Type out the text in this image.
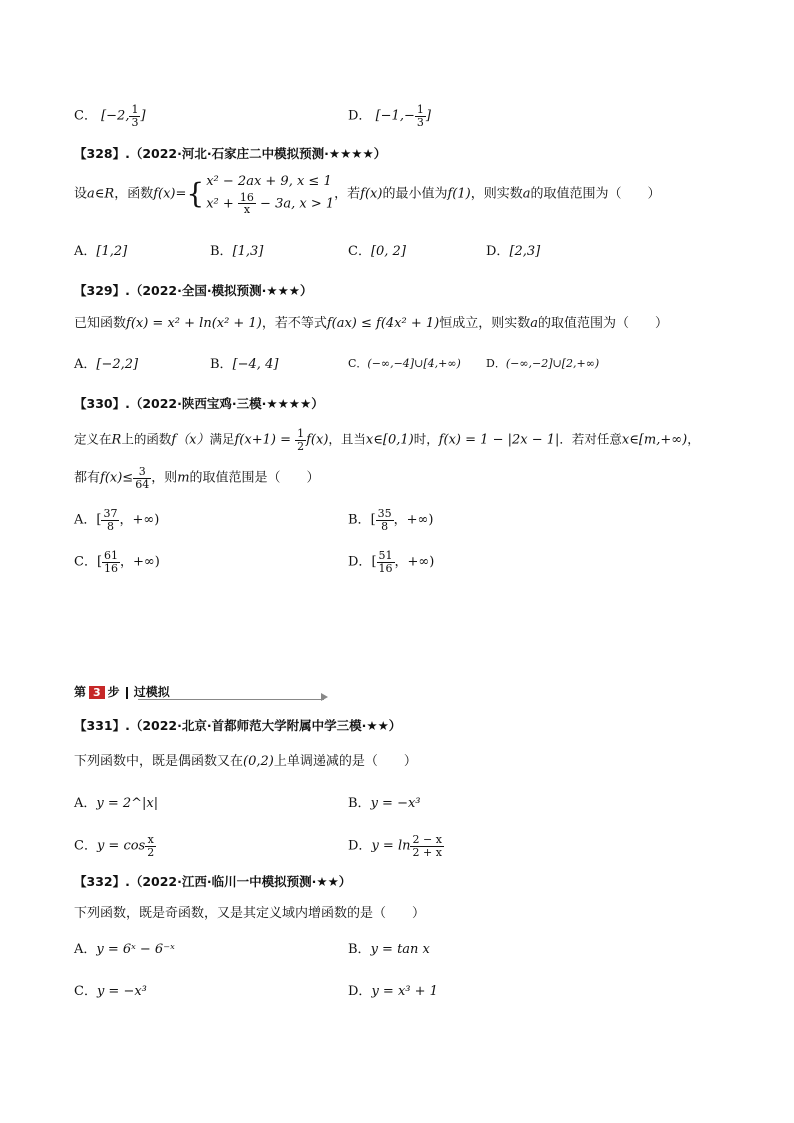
C． [−2, $\frac{1}{3}$ ]	D． [$-1,- \frac{1}{3}$ ]
【328】.（2022·河北·石家庄二中模拟预测·★★★★）
设a∈R，函数f(x)={ x² − 2ax + 9, x ≤ 1
$x^2 + \frac{16}{x} - 3a$, x > 1
，若f(x)的最小值为f(1)，则实数a的取值范围为（　　）
A．[1,2]	B．[1,3]	C．[0, 2]	D．[2,3]
【329】.（2022·全国·模拟预测·★★★）
已知函数f(x) = x² + ln(x² + 1)，若不等式f(ax) ≤ f(4x² + 1)恒成立，则实数a的取值范围为（　　）
A．[−2,2]	B．[−4, 4]	C．(−∞,−4]∪[4,+∞) D．(−∞,−2]∪[2,+∞)
【330】.（2022·陕西宝鸡·三模·★★★★）
定义在R上的函数f（x）满足$f(x+1) = \frac{1}{2} f(x)$，且当x∈[0,1)时，f(x) = 1 − |2x − 1|．若对任意x∈[m,+∞)，
都有$f(x)\le \frac{3}{64}$ ，则m的取值范围是（　　）
A．[ $\frac{37}{8}$ ，+∞)	B．[ $\frac{35}{8}$ ，+∞)
C．[ $\frac{61}{16}$ ，+∞)	D．[ $\frac{51}{16}$ ，+∞)
第 3 步 过模拟
【331】.（2022·北京·首都师范大学附属中学三模·★★）
下列函数中，既是偶函数又在(0,2)上单调递减的是（　　）
A．y = 2^|x|	B．y = −x³
C．$y = \cos \frac{x}{2}$	D．$y = \ln \frac{2 - x}{2 + x}$
【332】.（2022·江西·临川一中模拟预测·★★）
下列函数，既是奇函数，又是其定义域内增函数的是（　　）
A．y = 6ˣ − 6⁻ˣ	B．y = tan x
C．y = −x³	D．y = x³ + 1
